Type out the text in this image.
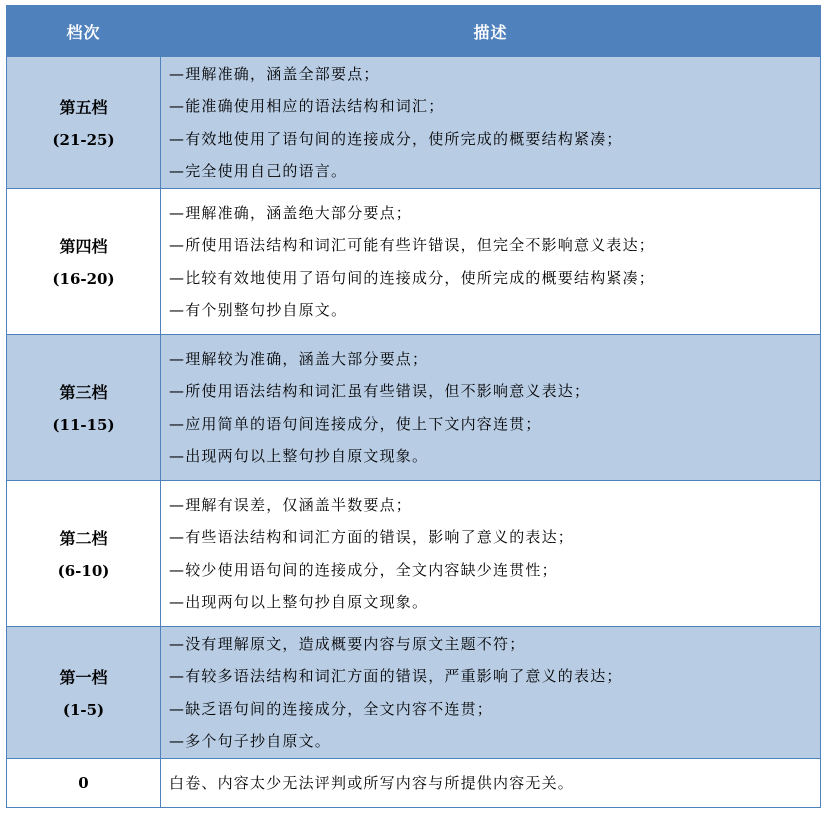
档次	描述

第五档
(21-25)	—理解准确，涵盖全部要点；
—能准确使用相应的语法结构和词汇；
—有效地使用了语句间的连接成分，使所完成的概要结构紧凑；
—完全使用自己的语言。

第四档
(16-20)	—理解准确，涵盖绝大部分要点；
—所使用语法结构和词汇可能有些许错误，但完全不影响意义表达；
—比较有效地使用了语句间的连接成分，使所完成的概要结构紧凑；
—有个别整句抄自原文。

第三档
(11-15)	—理解较为准确，涵盖大部分要点；
—所使用语法结构和词汇虽有些错误，但不影响意义表达；
—应用简单的语句间连接成分，使上下文内容连贯；
—出现两句以上整句抄自原文现象。

第二档
(6-10)	—理解有误差，仅涵盖半数要点；
—有些语法结构和词汇方面的错误，影响了意义的表达；
—较少使用语句间的连接成分，全文内容缺少连贯性；
—出现两句以上整句抄自原文现象。

第一档
(1-5)	—没有理解原文，造成概要内容与原文主题不符；
—有较多语法结构和词汇方面的错误，严重影响了意义的表达；
—缺乏语句间的连接成分，全文内容不连贯；
—多个句子抄自原文。

0	白卷、内容太少无法评判或所写内容与所提供内容无关。
